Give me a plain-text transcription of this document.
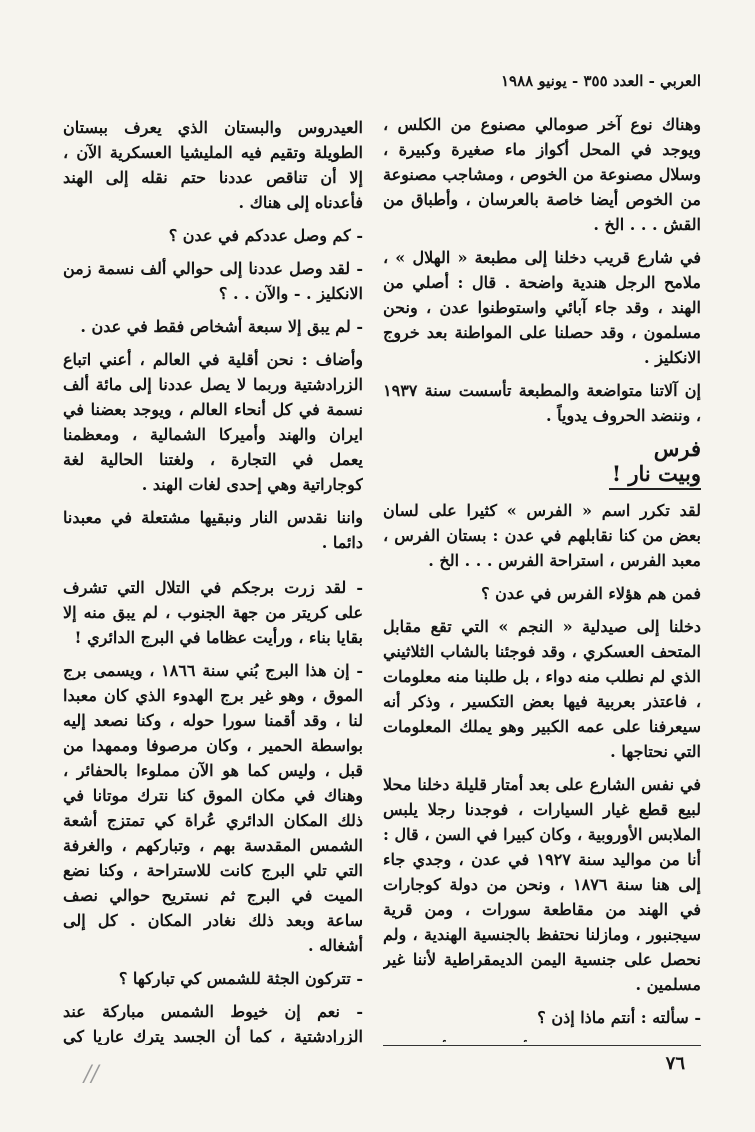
العربي - العدد ٣٥٥ - يونيو ١٩٨٨

وهناك نوع آخر صومالي مصنوع من الكلس ، ويوجد في المحل أكواز ماء صغيرة وكبيرة ، وسلال مصنوعة من الخوص ، ومشاجب مصنوعة من الخوص أيضا خاصة بالعرسان ، وأطباق من القش . . . الخ .

في شارع قريب دخلنا إلى مطبعة « الهلال » ، ملامح الرجل هندية واضحة . قال : أصلي من الهند ، وقد جاء آبائي واستوطنوا عدن ، ونحن مسلمون ، وقد حصلنا على المواطنة بعد خروج الانكليز .

إن آلاتنا متواضعة والمطبعة تأسست سنة ١٩٣٧ ، وننضد الحروف يدوياً .

فرس وبيت نار !

لقد تكرر اسم « الفرس » كثيرا على لسان بعض من كنا نقابلهم في عدن : بستان الفرس ، معبد الفرس ، استراحة الفرس . . . الخ .

فمن هم هؤلاء الفرس في عدن ؟

دخلنا إلى صيدلية « النجم » التي تقع مقابل المتحف العسكري ، وقد فوجئنا بالشاب الثلاثيني الذي لم نطلب منه دواء ، بل طلبنا منه معلومات ، فاعتذر بعربية فيها بعض التكسير ، وذكر أنه سيعرفنا على عمه الكبير وهو يملك المعلومات التي نحتاجها .

في نفس الشارع على بعد أمتار قليلة دخلنا محلا لبيع قطع غيار السيارات ، فوجدنا رجلا يلبس الملابس الأوروبية ، وكان كبيرا في السن ، قال : أنا من مواليد سنة ١٩٢٧ في عدن ، وجدي جاء إلى هنا سنة ١٨٧٦ ، ونحن من دولة كوجارات في الهند من مقاطعة سورات ، ومن قرية سيجنبور ، ومازلنا نحتفظ بالجنسية الهندية ، ولم نحصل على جنسية اليمن الديمقراطية لأننا غير مسلمين .

- سألته : أنتم ماذا إذن ؟

العيدروس والبستان الذي يعرف ببستان الطويلة وتقيم فيه المليشيا العسكرية الآن ، إلا أن تناقص عددنا حتم نقله إلى الهند فأعدناه إلى هناك .

- كم وصل عددكم في عدن ؟

- لقد وصل عددنا إلى حوالي ألف نسمة زمن الانكليز . - والآن . . ؟

- لم يبق إلا سبعة أشخاص فقط في عدن .

وأضاف : نحن أقلية في العالم ، أعني اتباع الزرادشتية وربما لا يصل عددنا إلى مائة ألف نسمة في كل أنحاء العالم ، ويوجد بعضنا في ايران والهند وأميركا الشمالية ، ومعظمنا يعمل في التجارة ، ولغتنا الحالية لغة كوجاراتية وهي إحدى لغات الهند .

واننا نقدس النار ونبقيها مشتعلة في معبدنا دائما .

- لقد زرت برجكم في التلال التي تشرف على كريتر من جهة الجنوب ، لم يبق منه إلا بقايا بناء ، ورأيت عظاما في البرج الدائري !

- إن هذا البرج بُني سنة ١٨٦٦ ، ويسمى برج الموق ، وهو غير برج الهدوء الذي كان معبدا لنا ، وقد أقمنا سورا حوله ، وكنا نصعد إليه بواسطة الحمير ، وكان مرصوفا وممهدا من قبل ، وليس كما هو الآن مملوءا بالحفائر ، وهناك في مكان الموق كنا نترك موتانا في ذلك المكان الدائري عُراة كي تمتزج أشعة الشمس المقدسة بهم ، وتباركهم ، والغرفة التي تلي البرج كانت للاستراحة ، وكنا نضع الميت في البرج ثم نستريح حوالي نصف ساعة وبعد ذلك نغادر المكان . كل إلى أشغاله .

- تتركون الجثة للشمس كي تباركها ؟

- نعم إن خيوط الشمس مباركة عند الزرادشتية ، كما أن الجسد يترك عاريا كي

٧٦
//
